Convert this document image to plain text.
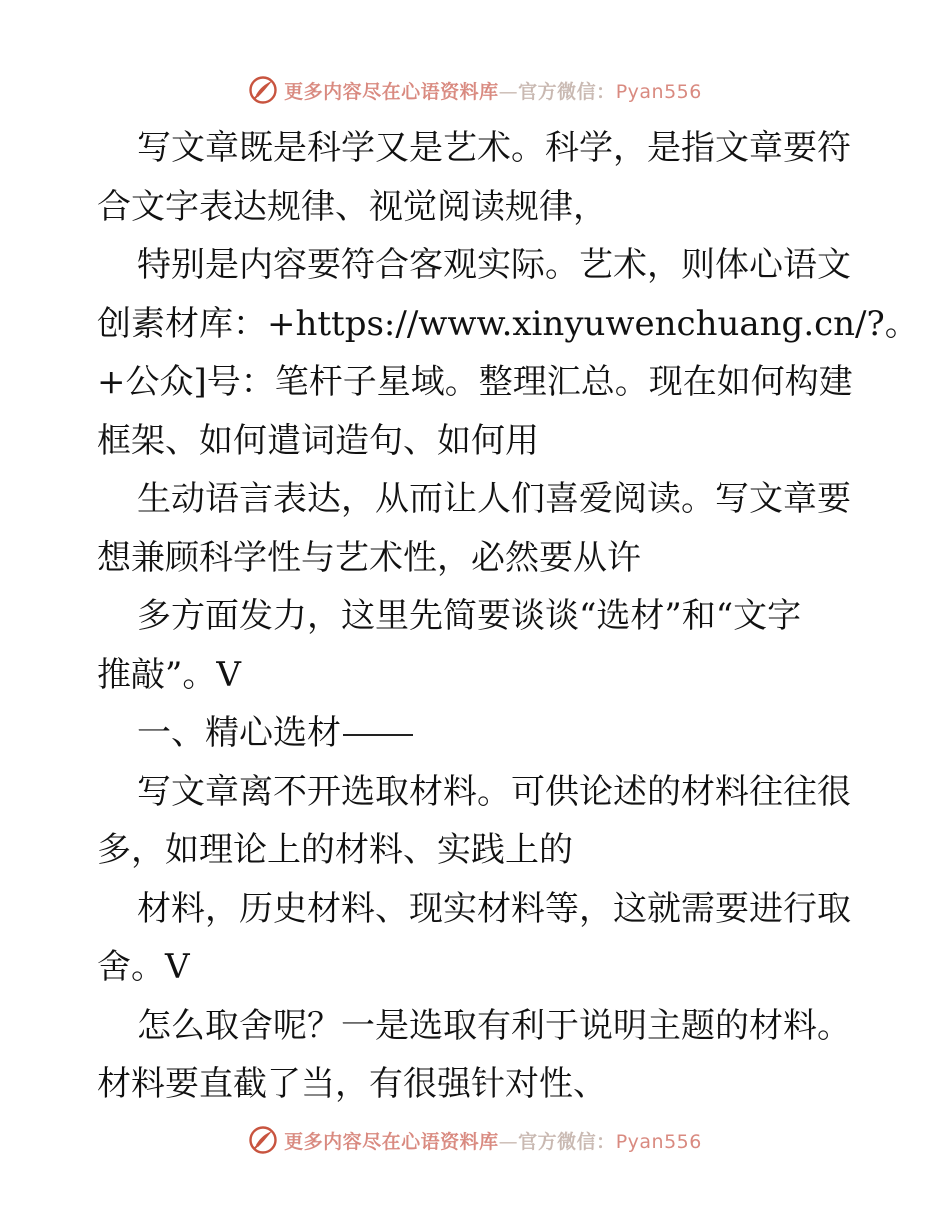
更多内容尽在心语资料库—官方微信：Pyan556

写文章既是科学又是艺术。科学，是指文章要符
合文字表达规律、视觉阅读规律，

特别是内容要符合客观实际。艺术，则体心语文
创素材库：+https://www.xinyuwenchuang.cn/?。
+公众]号：笔杆子星域。整理汇总。现在如何构建
框架、如何遣词造句、如何用

生动语言表达，从而让人们喜爱阅读。写文章要
想兼顾科学性与艺术性，必然要从许

多方面发力，这里先简要谈谈“选材”和“文字
推敲”。V

一、精心选材

写文章离不开选取材料。可供论述的材料往往很
多，如理论上的材料、实践上的

材料，历史材料、现实材料等，这就需要进行取
舍。V

怎么取舍呢？一是选取有利于说明主题的材料。
材料要直截了当，有很强针对性、

更多内容尽在心语资料库—官方微信：Pyan556
